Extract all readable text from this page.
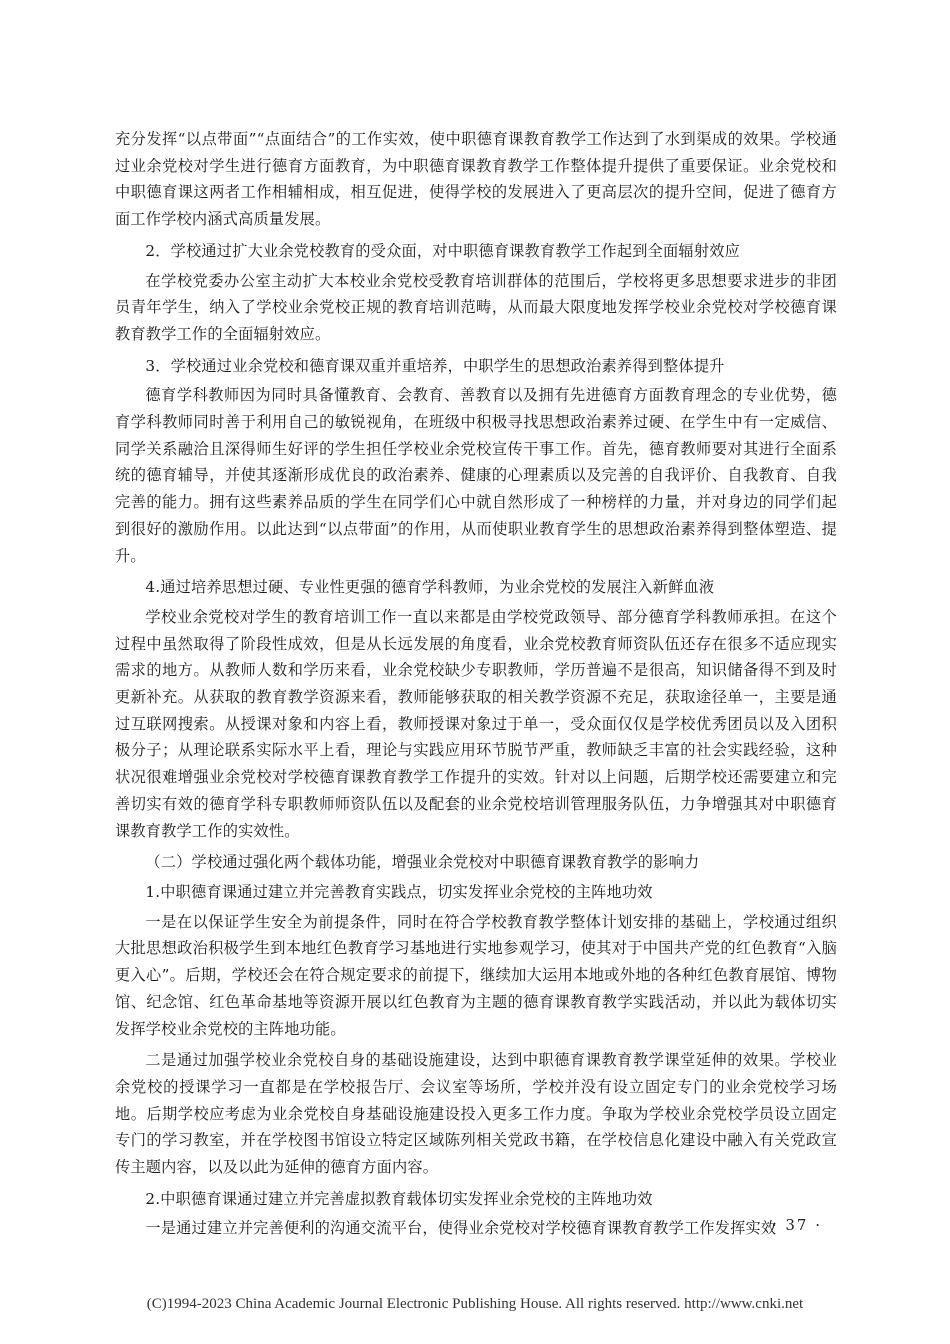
充分发挥“以点带面”“点面结合”的工作实效，使中职德育课教育教学工作达到了水到渠成的效果。学校通过业余党校对学生进行德育方面教育，为中职德育课教育教学工作整体提升提供了重要保证。业余党校和中职德育课这两者工作相辅相成，相互促进，使得学校的发展进入了更高层次的提升空间，促进了德育方面工作学校内涵式高质量发展。

2．学校通过扩大业余党校教育的受众面，对中职德育课教育教学工作起到全面辐射效应

在学校党委办公室主动扩大本校业余党校受教育培训群体的范围后，学校将更多思想要求进步的非团员青年学生，纳入了学校业余党校正规的教育培训范畴，从而最大限度地发挥学校业余党校对学校德育课教育教学工作的全面辐射效应。

3．学校通过业余党校和德育课双重并重培养，中职学生的思想政治素养得到整体提升

德育学科教师因为同时具备懂教育、会教育、善教育以及拥有先进德育方面教育理念的专业优势，德育学科教师同时善于利用自己的敏锐视角，在班级中积极寻找思想政治素养过硬、在学生中有一定威信、同学关系融洽且深得师生好评的学生担任学校业余党校宣传干事工作。首先，德育教师要对其进行全面系统的德育辅导，并使其逐渐形成优良的政治素养、健康的心理素质以及完善的自我评价、自我教育、自我完善的能力。拥有这些素养品质的学生在同学们心中就自然形成了一种榜样的力量，并对身边的同学们起到很好的激励作用。以此达到“以点带面”的作用，从而使职业教育学生的思想政治素养得到整体塑造、提升。

4.通过培养思想过硬、专业性更强的德育学科教师，为业余党校的发展注入新鲜血液

学校业余党校对学生的教育培训工作一直以来都是由学校党政领导、部分德育学科教师承担。在这个过程中虽然取得了阶段性成效，但是从长远发展的角度看，业余党校教育师资队伍还存在很多不适应现实需求的地方。从教师人数和学历来看，业余党校缺少专职教师，学历普遍不是很高，知识储备得不到及时更新补充。从获取的教育教学资源来看，教师能够获取的相关教学资源不充足，获取途径单一，主要是通过互联网搜索。从授课对象和内容上看，教师授课对象过于单一，受众面仅仅是学校优秀团员以及入团积极分子；从理论联系实际水平上看，理论与实践应用环节脱节严重，教师缺乏丰富的社会实践经验，这种状况很难增强业余党校对学校德育课教育教学工作提升的实效。针对以上问题，后期学校还需要建立和完善切实有效的德育学科专职教师师资队伍以及配套的业余党校培训管理服务队伍，力争增强其对中职德育课教育教学工作的实效性。

（二）学校通过强化两个载体功能，增强业余党校对中职德育课教育教学的影响力

1.中职德育课通过建立并完善教育实践点，切实发挥业余党校的主阵地功效

一是在以保证学生安全为前提条件，同时在符合学校教育教学整体计划安排的基础上，学校通过组织大批思想政治积极学生到本地红色教育学习基地进行实地参观学习，使其对于中国共产党的红色教育“入脑更入心”。后期，学校还会在符合规定要求的前提下，继续加大运用本地或外地的各种红色教育展馆、博物馆、纪念馆、红色革命基地等资源开展以红色教育为主题的德育课教育教学实践活动，并以此为载体切实发挥学校业余党校的主阵地功能。

二是通过加强学校业余党校自身的基础设施建设，达到中职德育课教育教学课堂延伸的效果。学校业余党校的授课学习一直都是在学校报告厅、会议室等场所，学校并没有设立固定专门的业余党校学习场地。后期学校应考虑为业余党校自身基础设施建设投入更多工作力度。争取为学校业余党校学员设立固定专门的学习教室，并在学校图书馆设立特定区域陈列相关党政书籍，在学校信息化建设中融入有关党政宣传主题内容，以及以此为延伸的德育方面内容。

2.中职德育课通过建立并完善虚拟教育载体切实发挥业余党校的主阵地功效

一是通过建立并完善便利的沟通交流平台，使得业余党校对学校德育课教育教学工作发挥实效

· 37 ·
(C)1994-2023 China Academic Journal Electronic Publishing House. All rights reserved. http://www.cnki.net
